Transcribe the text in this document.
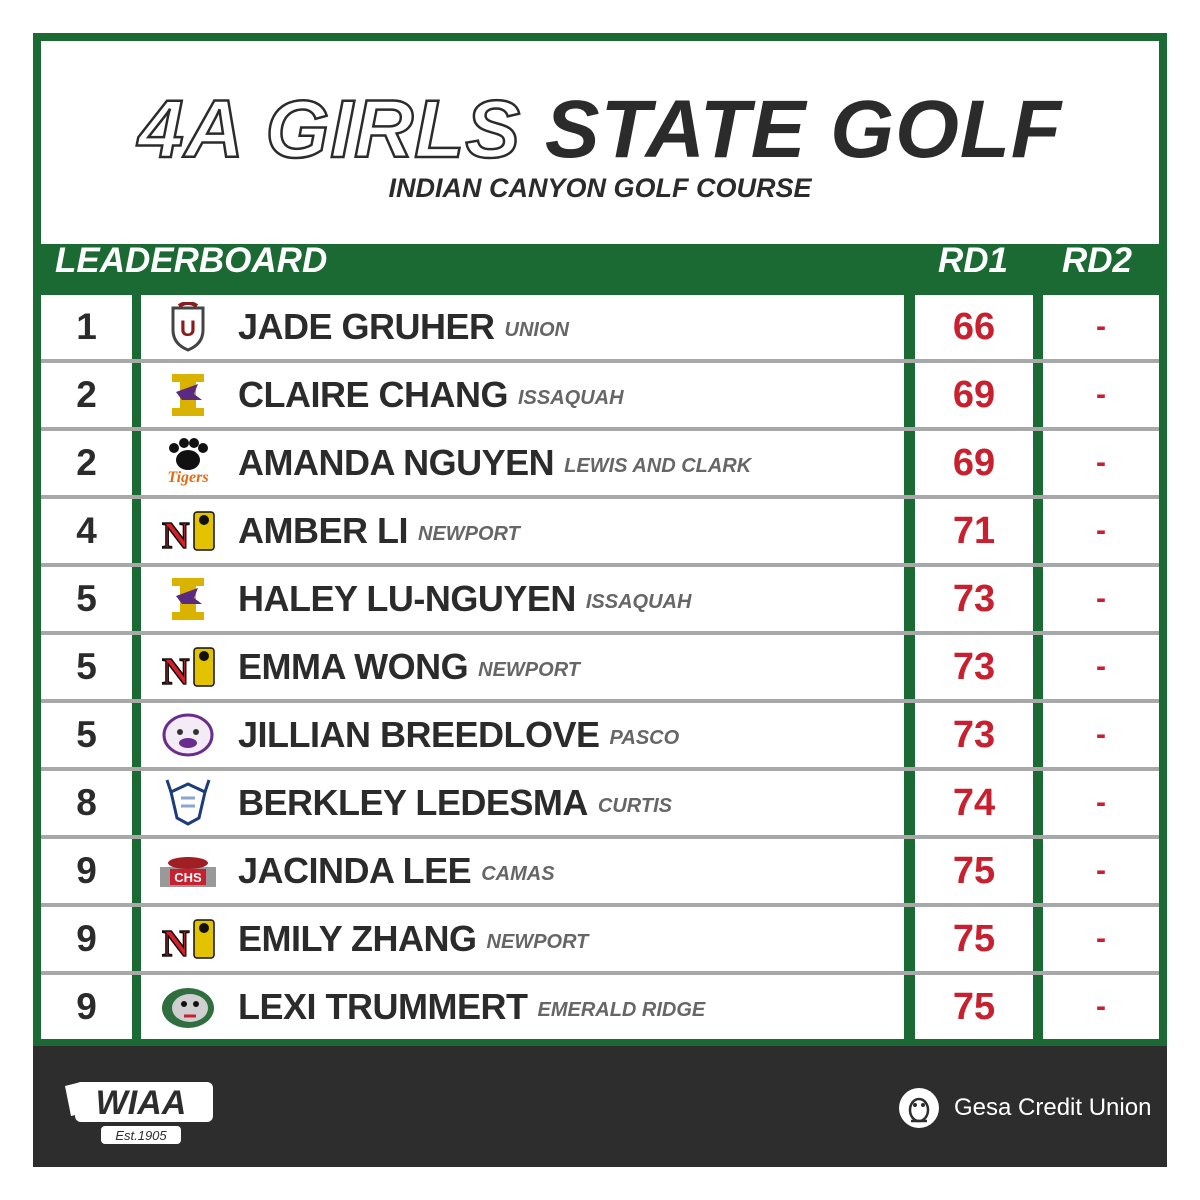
4A GIRLS STATE GOLF
INDIAN CANYON GOLF COURSE
LEADERBOARD	RD1	RD2
1	U JADE GRUHER UNION	66	-
2	CLAIRE CHANG ISSAQUAH	69	-
2	Tigers AMANDA NGUYEN LEWIS AND CLARK	69	-
4	N AMBER LI NEWPORT	71	-
5	HALEY LU-NGUYEN ISSAQUAH	73	-
5	N EMMA WONG NEWPORT	73	-
5	JILLIAN BREEDLOVE PASCO	73	-
8	BERKLEY LEDESMA CURTIS	74	-
9	CHS JACINDA LEE CAMAS	75	-
9	N EMILY ZHANG NEWPORT	75	-
9	LEXI TRUMMERT EMERALD RIDGE	75	-
WIAA
Est.1905
Gesa Credit Union
